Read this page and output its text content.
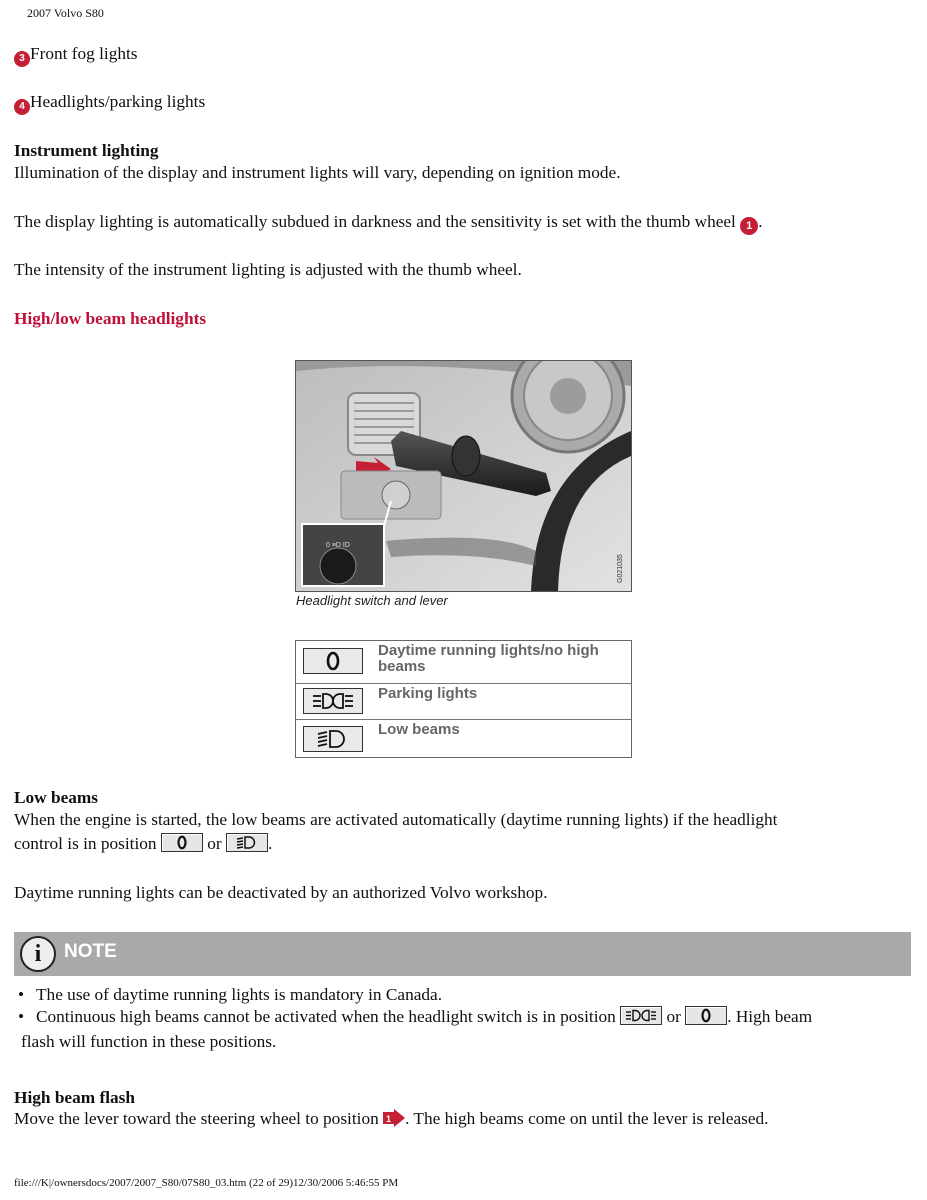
2007 Volvo S80
3 Front fog lights
4 Headlights/parking lights
Instrument lighting
Illumination of the display and instrument lights will vary, depending on ignition mode.
The display lighting is automatically subdued in darkness and the sensitivity is set with the thumb wheel 1 .
The intensity of the instrument lighting is adjusted with the thumb wheel.
High/low beam headlights
0 ≡D ID
G021035
Headlight switch and lever
Daytime running lights/no high beams
Parking lights
Low beams
Low beams
When the engine is started, the low beams are activated automatically (daytime running lights) if the headlight
control is in position	or	.
Daytime running lights can be deactivated by an authorized Volvo workshop.
i	NOTE
• The use of daytime running lights is mandatory in Canada.
• Continuous high beams cannot be activated when the headlight switch is in position	or	. High beam
flash will function in these positions.
High beam flash
Move the lever toward the steering wheel to position 1 . The high beams come on until the lever is released.
file:///K|/ownersdocs/2007/2007_S80/07S80_03.htm (22 of 29)12/30/2006 5:46:55 PM
